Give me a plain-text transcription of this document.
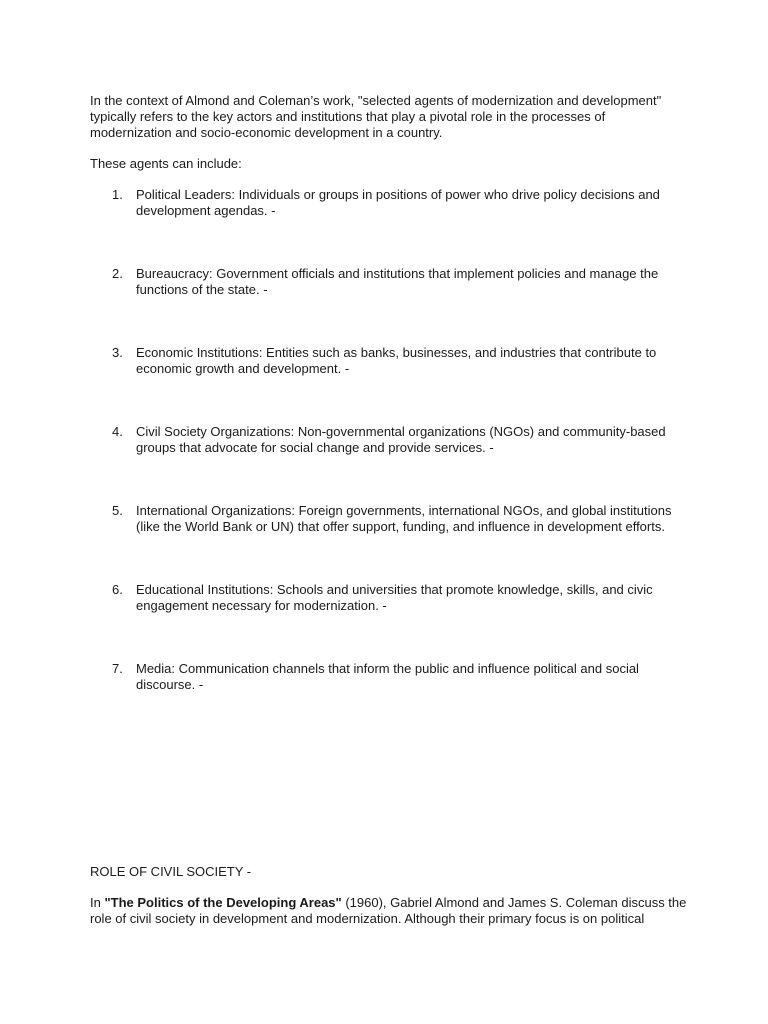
In the context of Almond and Coleman’s work, "selected agents of modernization and development" typically refers to the key actors and institutions that play a pivotal role in the processes of modernization and socio-economic development in a country.

These agents can include:

1.	Political Leaders: Individuals or groups in positions of power who drive policy decisions and development agendas. -
2.	Bureaucracy: Government officials and institutions that implement policies and manage the functions of the state. -
3.	Economic Institutions: Entities such as banks, businesses, and industries that contribute to economic growth and development. -
4.	Civil Society Organizations: Non-governmental organizations (NGOs) and community-based groups that advocate for social change and provide services. -
5.	International Organizations: Foreign governments, international NGOs, and global institutions (like the World Bank or UN) that offer support, funding, and influence in development efforts.
6.	Educational Institutions: Schools and universities that promote knowledge, skills, and civic engagement necessary for modernization. -
7.	Media: Communication channels that inform the public and influence political and social discourse. -

ROLE OF CIVIL SOCIETY -

In "The Politics of the Developing Areas" (1960), Gabriel Almond and James S. Coleman discuss the role of civil society in development and modernization. Although their primary focus is on political
